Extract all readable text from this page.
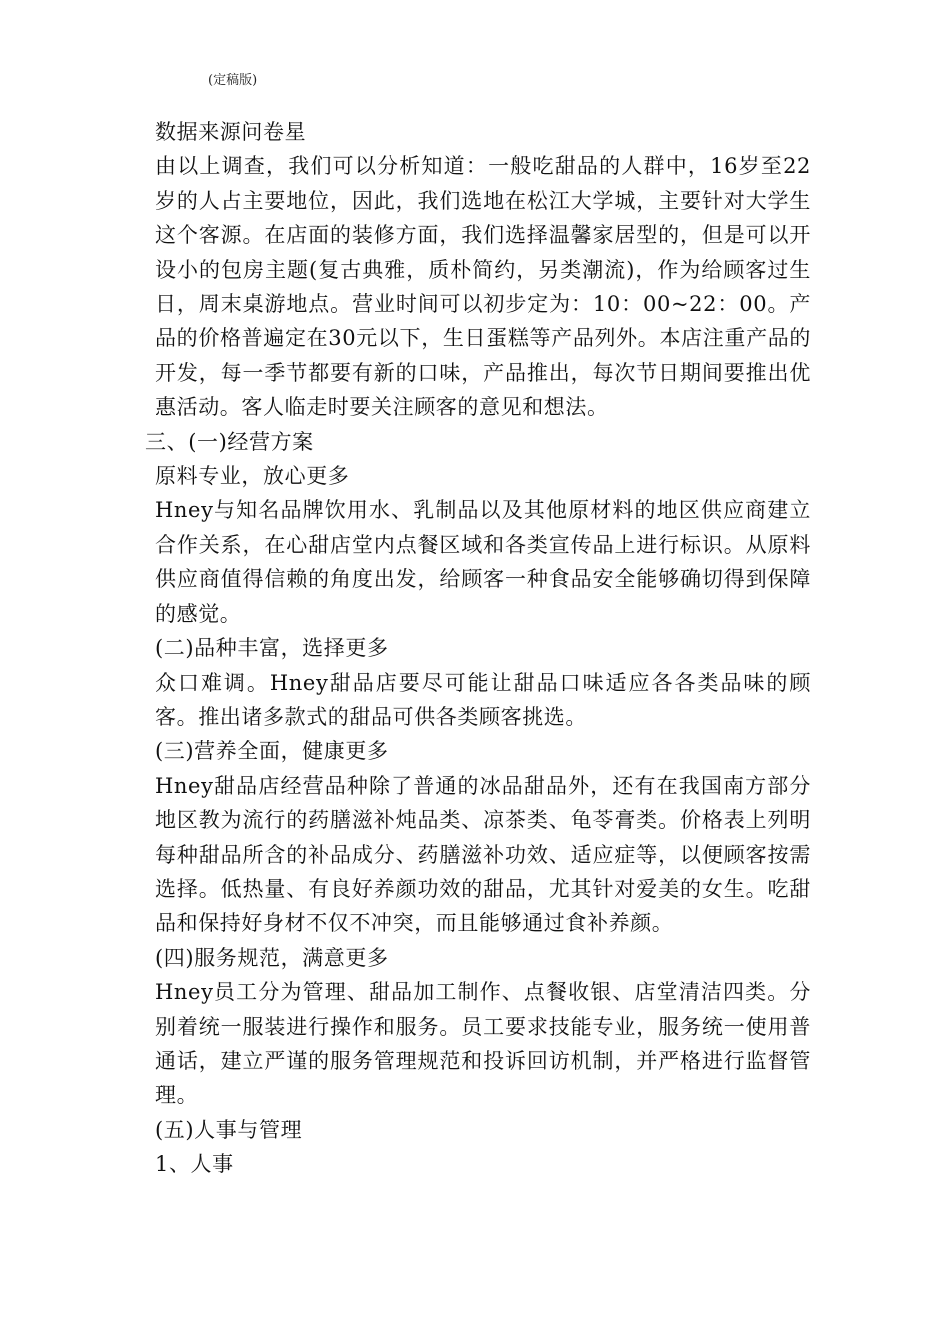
(定稿版)

数据来源问卷星

由以上调查，我们可以分析知道：一般吃甜品的人群中，16岁至22岁的人占主要地位，因此，我们选地在松江大学城，主要针对大学生这个客源。在店面的装修方面，我们选择温馨家居型的，但是可以开设小的包房主题(复古典雅，质朴简约，另类潮流)，作为给顾客过生日，周末桌游地点。营业时间可以初步定为：10：00~22：00。产品的价格普遍定在30元以下，生日蛋糕等产品列外。本店注重产品的开发，每一季节都要有新的口味，产品推出，每次节日期间要推出优惠活动。客人临走时要关注顾客的意见和想法。

三、(一)经营方案

原料专业，放心更多

Hney与知名品牌饮用水、乳制品以及其他原材料的地区供应商建立合作关系，在心甜店堂内点餐区域和各类宣传品上进行标识。从原料供应商值得信赖的角度出发，给顾客一种食品安全能够确切得到保障的感觉。

(二)品种丰富，选择更多

众口难调。Hney甜品店要尽可能让甜品口味适应各各类品味的顾客。推出诸多款式的甜品可供各类顾客挑选。

(三)营养全面，健康更多

Hney甜品店经营品种除了普通的冰品甜品外，还有在我国南方部分地区教为流行的药膳滋补炖品类、凉茶类、龟苓膏类。价格表上列明每种甜品所含的补品成分、药膳滋补功效、适应症等，以便顾客按需选择。低热量、有良好养颜功效的甜品，尤其针对爱美的女生。吃甜品和保持好身材不仅不冲突，而且能够通过食补养颜。

(四)服务规范，满意更多

Hney员工分为管理、甜品加工制作、点餐收银、店堂清洁四类。分别着统一服装进行操作和服务。员工要求技能专业，服务统一使用普通话，建立严谨的服务管理规范和投诉回访机制，并严格进行监督管理。

(五)人事与管理

1、人事
